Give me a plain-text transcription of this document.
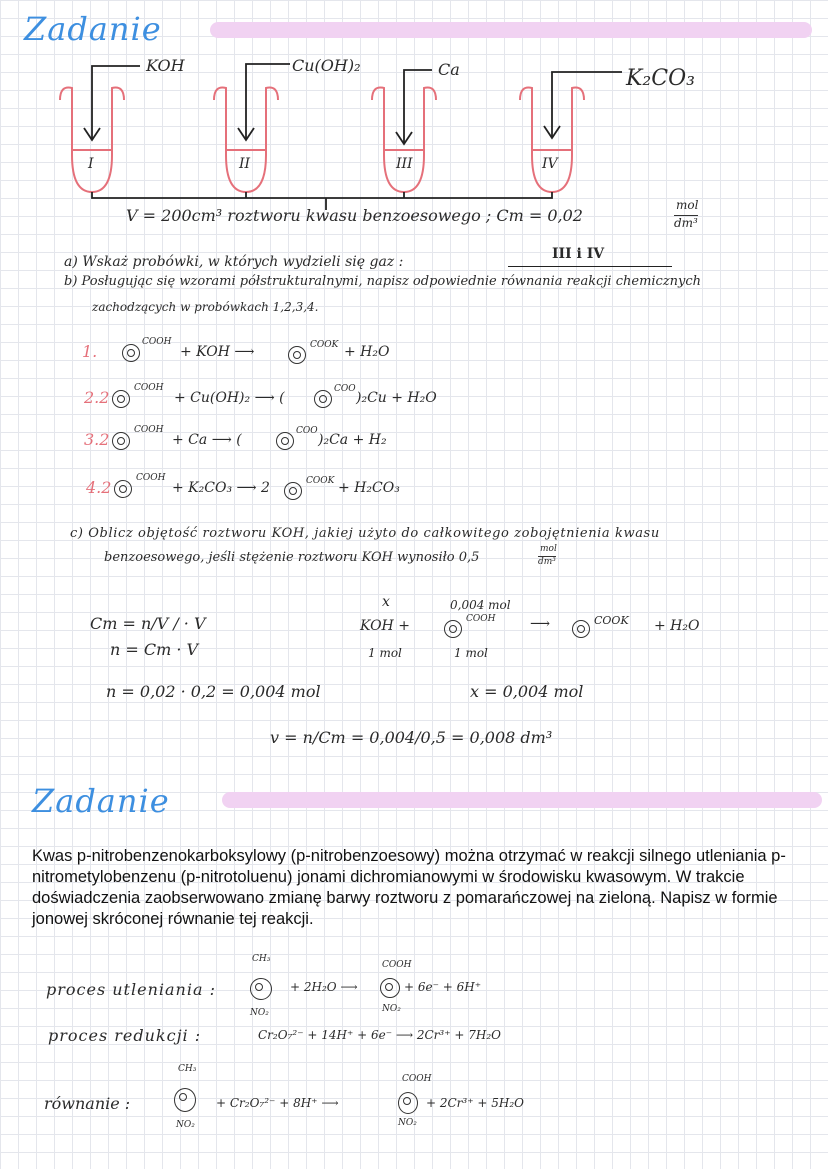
Zadanie
KOH	Cu(OH)₂	Ca	K₂CO₃
I	II	III	IV
V = 200cm³ roztworu kwasu benzoesowego ; Cm = 0,02
mol
dm³
a) Wskaż probówki, w których wydzieli się gaz :	III i IV
b) Posługując się wzorami półstrukturalnymi, napisz odpowiednie równania reakcji chemicznych
zachodzących w probówkach 1,2,3,4.
1.	COOH
+ KOH ⟶	COOK + H₂O
2.2	COOH
+ Cu(OH)₂ ⟶ (
COO
)₂Cu + H₂O
3.2	COOH
+ Ca ⟶ (
COO
)₂Ca + H₂
4.2	COOH
+ K₂CO₃ ⟶ 2	COOK + H₂CO₃
c) Oblicz objętość roztworu KOH, jakiej użyto do całkowitego zobojętnienia kwasu
benzoesowego, jeśli stężenie roztworu KOH wynosiło 0,5
mol
dm³
Cm = n/V / · V
n = Cm · V
x
KOH +
0,004 mol
COOH ⟶	COOK + H₂O
1 mol	1 mol
n = 0,02 · 0,2 = 0,004 mol	x = 0,004 mol
v = n/Cm = 0,004/0,5 = 0,008 dm³
Zadanie
Kwas p-nitrobenzenokarboksylowy (p-nitrobenzoesowy) można otrzymać w reakcji silnego utleniania p-nitrometylobenzenu (p-nitrotoluenu) jonami dichromianowymi w środowisku kwasowym. W trakcie doświadczenia zaobserwowano zmianę barwy roztworu z pomarańczowej na zieloną. Napisz w formie jonowej skróconej równanie tej reakcji.
proces utleniania :
CH₃
NO₂
+ 2H₂O ⟶
COOH
NO₂
+ 6e⁻ + 6H⁺
proces redukcji :	Cr₂O₇²⁻ + 14H⁺ + 6e⁻ ⟶ 2Cr³⁺ + 7H₂O
równanie :
CH₃
NO₂
+ Cr₂O₇²⁻ + 8H⁺ ⟶
COOH
NO₂
+ 2Cr³⁺ + 5H₂O
